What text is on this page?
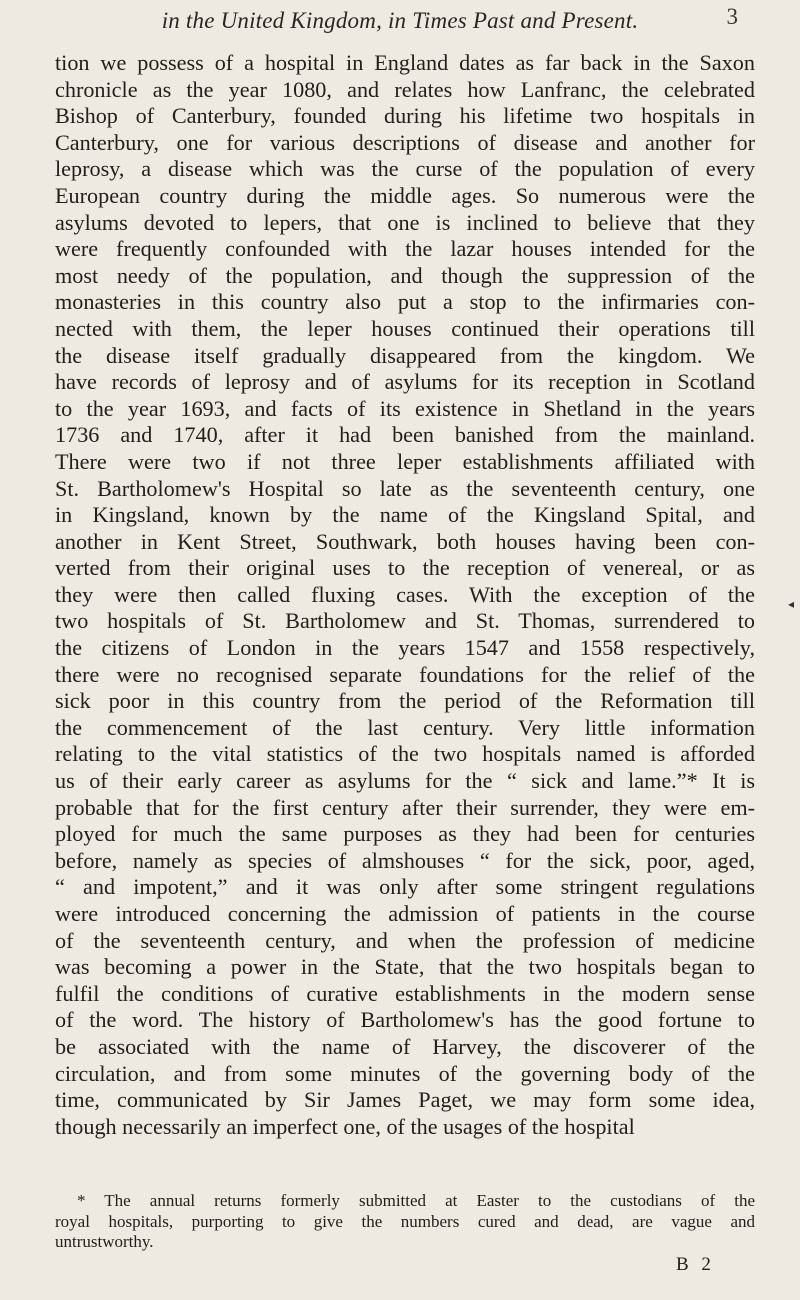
in the United Kingdom, in Times Past and Present.	3
tion we possess of a hospital in England dates as far back in the Saxon
chronicle as the year 1080, and relates how Lanfranc, the celebrated
Bishop of Canterbury, founded during his lifetime two hospitals in
Canterbury, one for various descriptions of disease and another for
leprosy, a disease which was the curse of the population of every
European country during the middle ages. So numerous were the
asylums devoted to lepers, that one is inclined to believe that they
were frequently confounded with the lazar houses intended for the
most needy of the population, and though the suppression of the
monasteries in this country also put a stop to the infirmaries con-
nected with them, the leper houses continued their operations till
the disease itself gradually disappeared from the kingdom. We
have records of leprosy and of asylums for its reception in Scotland
to the year 1693, and facts of its existence in Shetland in the years
1736 and 1740, after it had been banished from the mainland.
There were two if not three leper establishments affiliated with
St. Bartholomew's Hospital so late as the seventeenth century, one
in Kingsland, known by the name of the Kingsland Spital, and
another in Kent Street, Southwark, both houses having been con-
verted from their original uses to the reception of venereal, or as
they were then called fluxing cases. With the exception of the
two hospitals of St. Bartholomew and St. Thomas, surrendered to
the citizens of London in the years 1547 and 1558 respectively,
there were no recognised separate foundations for the relief of the
sick poor in this country from the period of the Reformation till
the commencement of the last century. Very little information
relating to the vital statistics of the two hospitals named is afforded
us of their early career as asylums for the “ sick and lame.”* It is
probable that for the first century after their surrender, they were em-
ployed for much the same purposes as they had been for centuries
before, namely as species of almshouses “ for the sick, poor, aged,
“ and impotent,” and it was only after some stringent regulations
were introduced concerning the admission of patients in the course
of the seventeenth century, and when the profession of medicine
was becoming a power in the State, that the two hospitals began to
fulfil the conditions of curative establishments in the modern sense
of the word. The history of Bartholomew's has the good fortune to
be associated with the name of Harvey, the discoverer of the
circulation, and from some minutes of the governing body of the
time, communicated by Sir James Paget, we may form some idea,
though necessarily an imperfect one, of the usages of the hospital
* The annual returns formerly submitted at Easter to the custodians of the
royal hospitals, purporting to give the numbers cured and dead, are vague and
untrustworthy.
B 2
◂
